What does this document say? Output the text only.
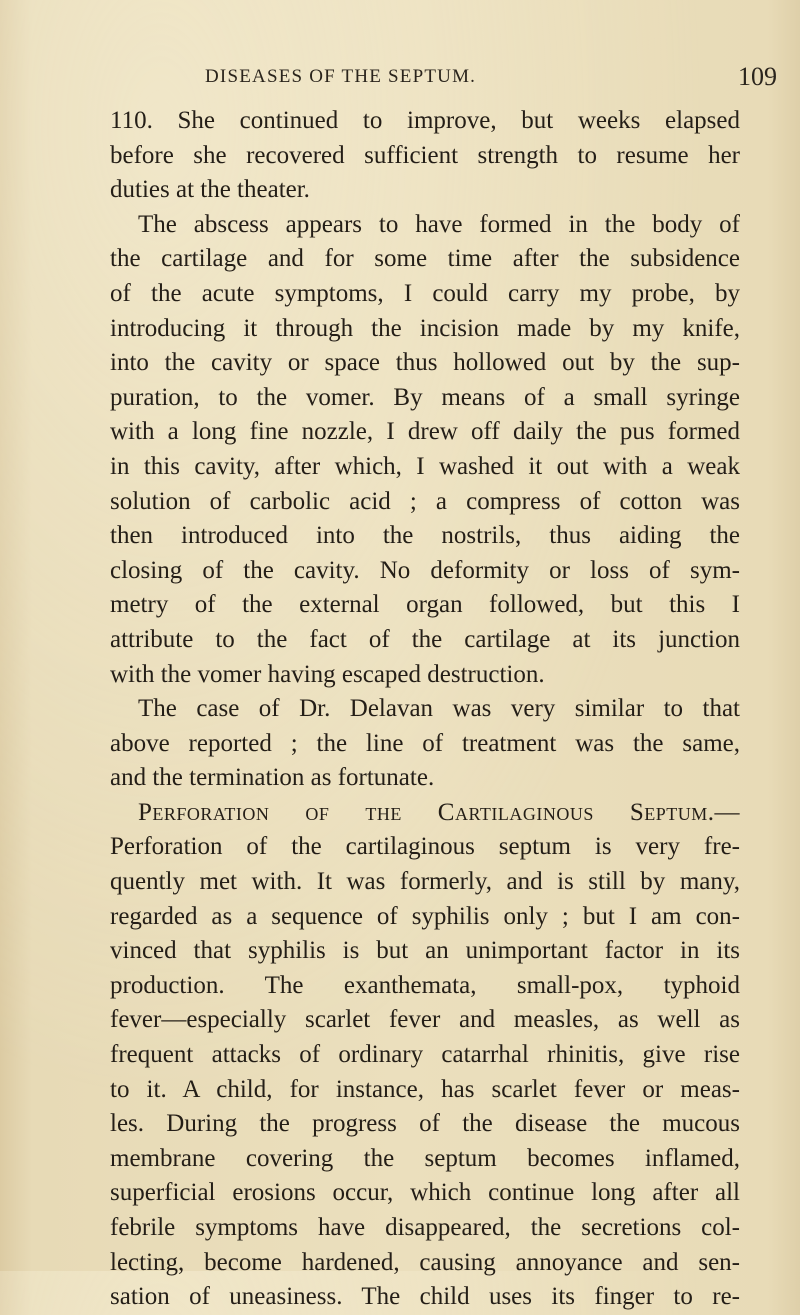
DISEASES OF THE SEPTUM.	109
110. She continued to improve, but weeks elapsed
before she recovered sufficient strength to resume her
duties at the theater.
The abscess appears to have formed in the body of
the cartilage and for some time after the subsidence
of the acute symptoms, I could carry my probe, by
introducing it through the incision made by my knife,
into the cavity or space thus hollowed out by the sup-
puration, to the vomer. By means of a small syringe
with a long fine nozzle, I drew off daily the pus formed
in this cavity, after which, I washed it out with a weak
solution of carbolic acid ; a compress of cotton was
then introduced into the nostrils, thus aiding the
closing of the cavity. No deformity or loss of sym-
metry of the external organ followed, but this I
attribute to the fact of the cartilage at its junction
with the vomer having escaped destruction.
The case of Dr. Delavan was very similar to that
above reported ; the line of treatment was the same,
and the termination as fortunate.
Perforation of the Cartilaginous Septum.—
Perforation of the cartilaginous septum is very fre-
quently met with. It was formerly, and is still by many,
regarded as a sequence of syphilis only ; but I am con-
vinced that syphilis is but an unimportant factor in its
production. The exanthemata, small-pox, typhoid
fever—especially scarlet fever and measles, as well as
frequent attacks of ordinary catarrhal rhinitis, give rise
to it. A child, for instance, has scarlet fever or meas-
les. During the progress of the disease the mucous
membrane covering the septum becomes inflamed,
superficial erosions occur, which continue long after all
febrile symptoms have disappeared, the secretions col-
lecting, become hardened, causing annoyance and sen-
sation of uneasiness. The child uses its finger to re-
